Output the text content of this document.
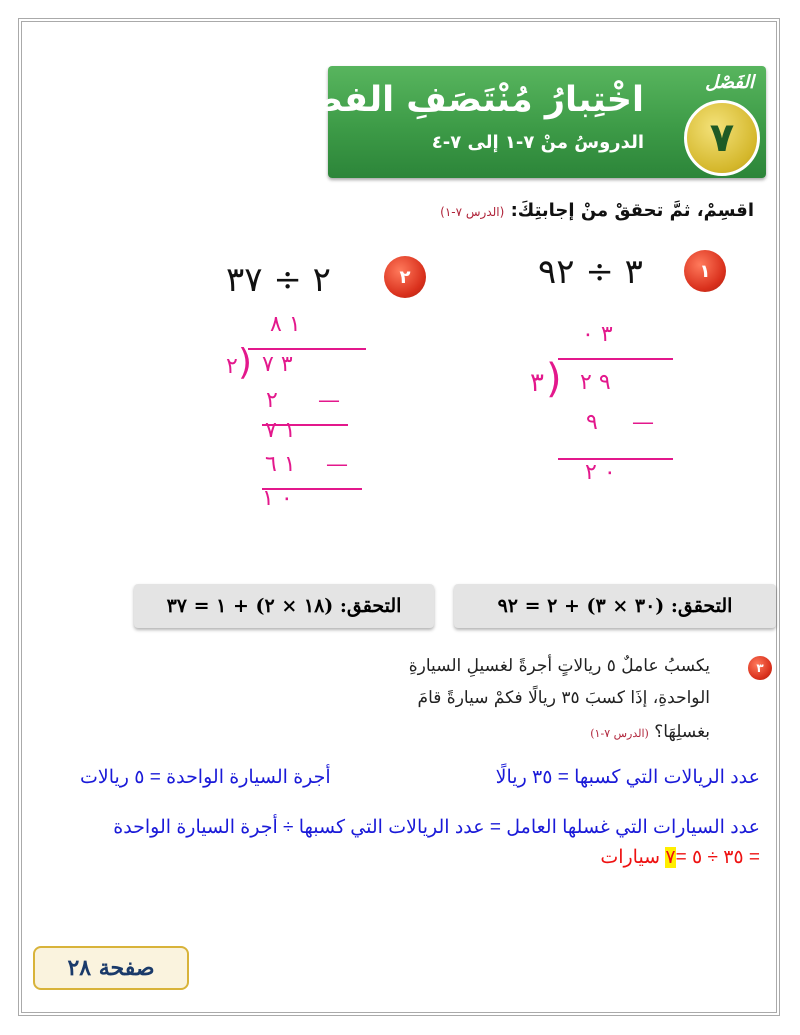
اخْتِبارُ مُنْتَصَفِ الفصْلِ
الدروسُ منْ ٧-١ إلى ٧-٤
الفَصْل
٧
اقسِمْ، ثمَّ تحققْ منْ إجابتِكَ: (الدرس ٧-١)
١
٣ ÷ ٩٢
٣ ٠
٣ ) ٩ ٢
٩ —
٠ ٢
٢
٢ ÷ ٣٧
١ ٨
٢ ) ٣ ٧
٢ —
١ ٧
١ ٦ —
٠ ١
التحقق: (٣٠ × ٣) + ٢ = ٩٢
التحقق: (١٨ × ٢) + ١ = ٣٧
٣
يكسبُ عاملٌ ٥ ريالاتٍ أجرةً لغسيلِ السيارةِ
الواحدةِ، إذَا كسبَ ٣٥ ريالًا فكمْ سيارةً قامَ
بغسلِهَا؟ (الدرس ٧-١)
عدد الريالات التي كسبها = ٣٥ ريالًا
أجرة السيارة الواحدة = ٥ ريالات
عدد السيارات التي غسلها العامل = عدد الريالات التي كسبها ÷ أجرة السيارة الواحدة
= ٣٥ ÷ ٥ =٧ سيارات
صفحة ٢٨
